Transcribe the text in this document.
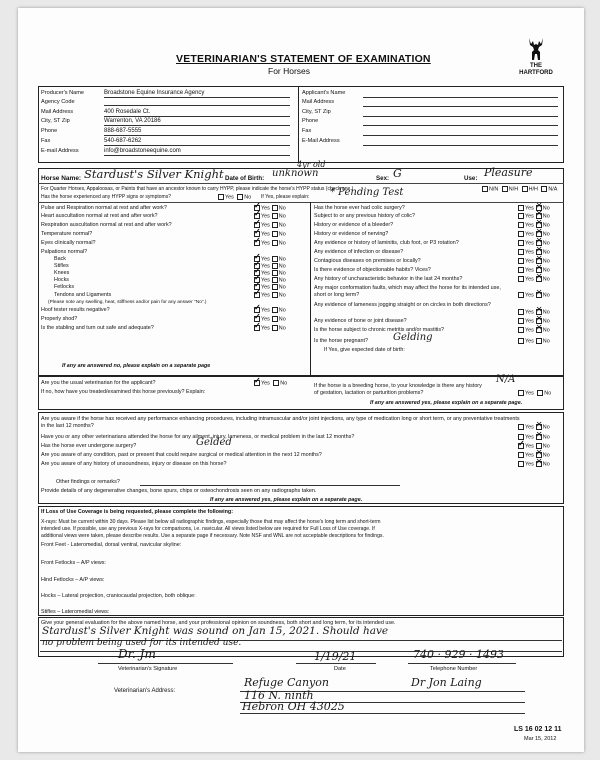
VETERINARIAN'S STATEMENT OF EXAMINATION
For Horses	THE
HARTFORD
Producer's Name	Broadstone Equine Insurance Agency
Agency Code
Mail Address	400 Rosedale Ct.
City, ST Zip	Warrenton, VA 20186
Phone	888-687-5555
Fax	540-687-6262
E-mail Address	info@broadstoneequine.com
Applicant's Name
Mail Address
City, ST Zip
Phone
Fax
E-Mail Address
Horse Name: Stardust's Silver Knight Date of Birth: unknown
4yr old
Sex: G	Use: Pleasure
For Quarter Horses, Appaloosas, or Paints that have an ancestor known to carry HYPP, please indicate the horse's HYPP status (check one.)	N/N N/H H/H N/A
Has the horse experienced any HYPP signs or symptoms?	Yes No If Yes, please explain: * Pending Test
Pulse and Respiration normal at rest and after work? ✓	Yes No
Heart auscultation normal at rest and after work? ✓	Yes No
Respiration auscultation normal at rest and after work? ✓	Yes No
Temperature normal? ✓	Yes No
Eyes clinically normal? ✓	Yes No
Palpations normal?
Back ✓	Yes No
Stifles ✓	Yes No
Knees ✓	Yes No
Hocks ✓	Yes No
Fetlocks ✓	Yes No
Tendons and Ligaments ✓	Yes No
(Please note any swelling, heat, stiffness and/or pain for any answer "No".)
Hoof tester results negative? ✓	Yes No
Properly shod? ✓	Yes No
Is the stabling and turn out safe and adequate? ✓	Yes No
If any are answered no, please explain on a separate page
Has the horse ever had colic surgery?	Yes ✕ No
Subject to or any previous history of colic?	Yes ✕ No
History or evidence of a bleeder?	Yes ✕ No
History or evidence of nerving?	Yes ✕ No
Any evidence or history of laminitis, club foot, or P3 rotation?	Yes ✕ No
Any evidence of infection or disease?	Yes ✕ No
Contagious diseases on premises or locally?	Yes ✕ No
Is there evidence of objectionable habits? Vices?	Yes ✕ No
Any history of uncharacteristic behavior in the last 24 months?	Yes ✕ No
Any major conformation faults, which may affect the horse for its intended use, short or long term?	Yes ✕ No
Any evidence of lameness jogging straight or on circles in both directions?
Yes ✕ No
Any evidence of bone or joint disease?	Yes ✕ No
Is the horse subject to chronic metritis and/or mastitis?	Yes ✕ No
Is the horse pregnant?	Gelding	Yes No
If Yes, give expected date of birth:
Are you the usual veterinarian for the applicant? ✓	Yes No
If no, how have you treated/examined this horse previously? Explain:
If the horse is a breeding horse, to your knowledge is there any history of gestation, lactation or parturition problems?
N/A
Yes No
If any are answered yes, please explain on a separate page.
Are you aware if the horse has received any performance enhancing procedures, including intramuscular and/or joint injections, any type of medication long or short term, or any preventative treatments in the last 12 months?	Yes ✕ No
Have you or any other veterinarians attended the horse for any ailment, injury, lameness, or medical problem in the last 12 months?	Yes ✕ No
Has the horse ever undergone surgery?	Gelded ✓	Yes No
Are you aware of any condition, past or present that could require surgical or medical attention in the next 12 months?	Yes ✕ No
Are you aware of any history of unsoundness, injury or disease on this horse?	Yes ✕ No
Other findings or remarks?
Provide details of any degenerative changes, bone spurs, chips or osteochondrosis seen on any radiographs taken.
If any are answered yes, please explain on a separate page.
If Loss of Use Coverage is being requested, please complete the following:
X-rays: Must be current within 30 days. Please list below all radiographic findings, especially those that may affect the horse's long term and short-term
intended use. If possible, use any previous X-rays for comparisons, i.e. navicular. All views listed below are required for Full Loss of Use coverage. If
additional views were taken, please describe results. Use a separate page if necessary. Note NSF and WNL are not acceptable descriptions for findings.
Front Feet - Lateromedial, dorsal ventral, navicular skyline:
Front Fetlocks – A/P views:
Hind Fetlocks – A/P views:
Hocks – Lateral projection, craniocaudal projection, both oblique:
Stifles – Lateromedial views:
Give your general evaluation for the above named horse, and your professional opinion on soundness, both short and long term, for its intended use.
Stardust's Silver Knight was sound on Jan 15, 2021. Should have
no problem being used for its intended use.
Dr. Jm
Veterinarian's Signature
1/19/21
Date
740 · 929 · 1493
Telephone Number
Veterinarian's Address:
Refuge Canyon	Dr Jon Laing
116 N. ninth
Hebron OH 43025
LS 16 02 12 11
Mar 15, 2012
